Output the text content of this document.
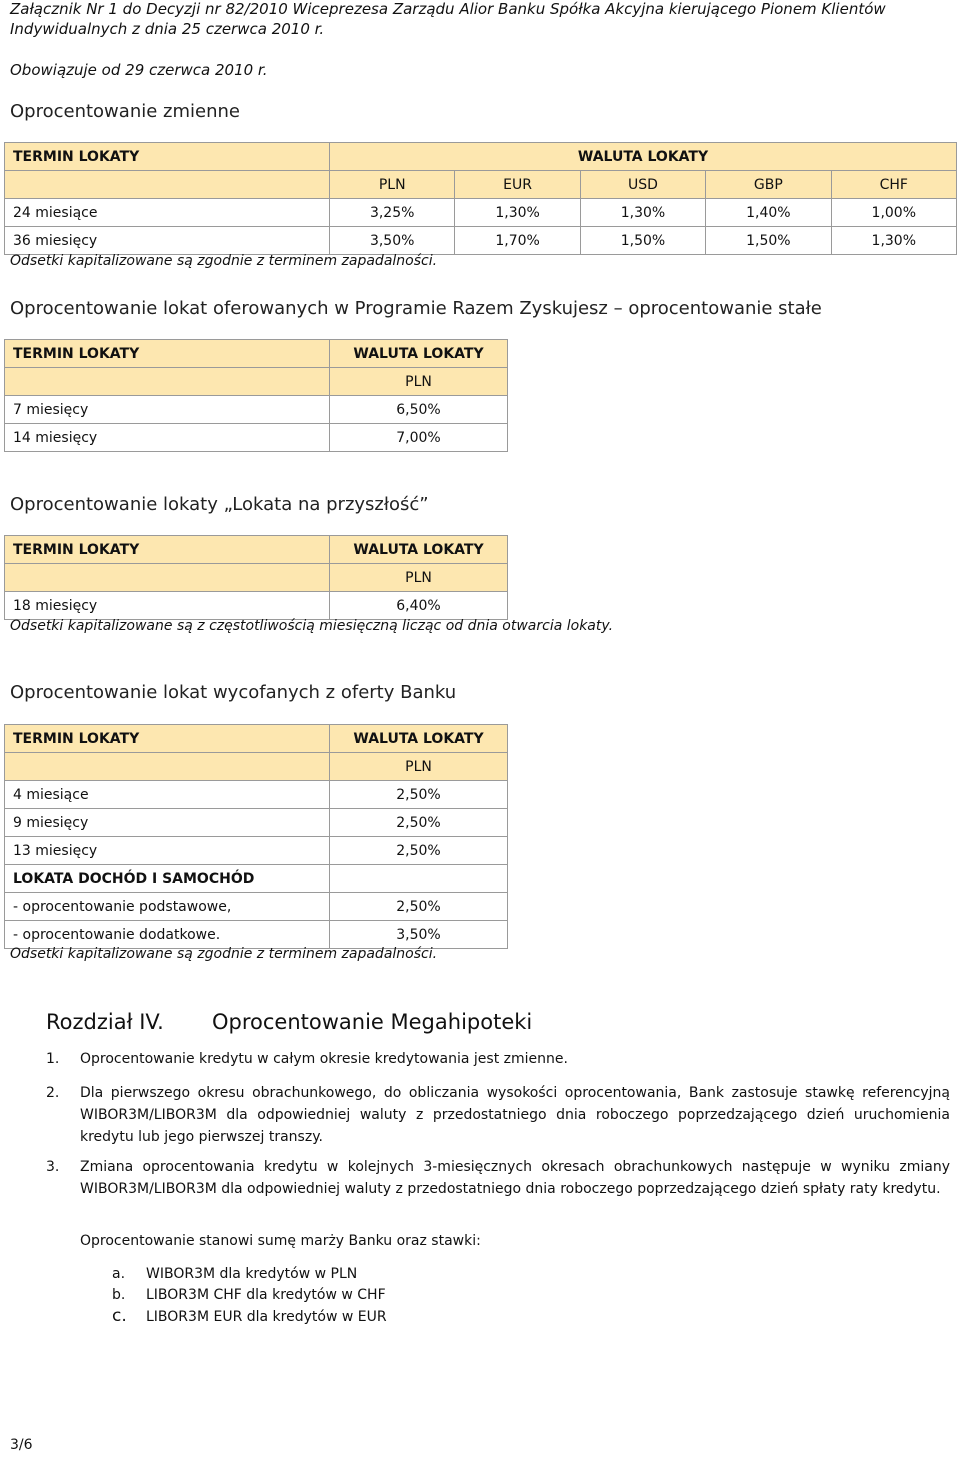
Załącznik Nr 1 do Decyzji nr 82/2010 Wiceprezesa Zarządu Alior Banku Spółka Akcyjna kierującego Pionem Klientów
Indywidualnych z dnia 25 czerwca 2010 r.
Obowiązuje od 29 czerwca 2010 r.
Oprocentowanie zmienne
TERMIN LOKATY	WALUTA LOKATY				
	PLN	EUR	USD	GBP	CHF
24 miesiące	3,25%	1,30%	1,30%	1,40%	1,00%
36 miesięcy	3,50%	1,70%	1,50%	1,50%	1,30%
Odsetki kapitalizowane są zgodnie z terminem zapadalności.
Oprocentowanie lokat oferowanych w Programie Razem Zyskujesz – oprocentowanie stałe
TERMIN LOKATY	WALUTA LOKATY
	PLN
7 miesięcy	6,50%
14 miesięcy	7,00%
Oprocentowanie lokaty „Lokata na przyszłość”
TERMIN LOKATY	WALUTA LOKATY
	PLN
18 miesięcy	6,40%
Odsetki kapitalizowane są z częstotliwością miesięczną licząc od dnia otwarcia lokaty.
Oprocentowanie lokat wycofanych z oferty Banku
TERMIN LOKATY	WALUTA LOKATY
	PLN
4 miesiące	2,50%
9 miesięcy	2,50%
13 miesięcy	2,50%
LOKATA DOCHÓD I SAMOCHÓD	
- oprocentowanie podstawowe,	2,50%
- oprocentowanie dodatkowe.	3,50%
Odsetki kapitalizowane są zgodnie z terminem zapadalności.
Rozdział IV. Oprocentowanie Megahipoteki
1.	Oprocentowanie kredytu w całym okresie kredytowania jest zmienne.
2.	Dla pierwszego okresu obrachunkowego, do obliczania wysokości oprocentowania, Bank zastosuje stawkę referencyjną WIBOR3M/LIBOR3M dla odpowiedniej waluty z przedostatniego dnia roboczego poprzedzającego dzień uruchomienia kredytu lub jego pierwszej transzy.
3.	Zmiana oprocentowania kredytu w kolejnych 3-miesięcznych okresach obrachunkowych następuje w wyniku zmiany WIBOR3M/LIBOR3M dla odpowiedniej waluty z przedostatniego dnia roboczego poprzedzającego dzień spłaty raty kredytu.
Oprocentowanie stanowi sumę marży Banku oraz stawki:
a. WIBOR3M dla kredytów w PLN
b. LIBOR3M CHF dla kredytów w CHF
c. LIBOR3M EUR dla kredytów w EUR
3/6
